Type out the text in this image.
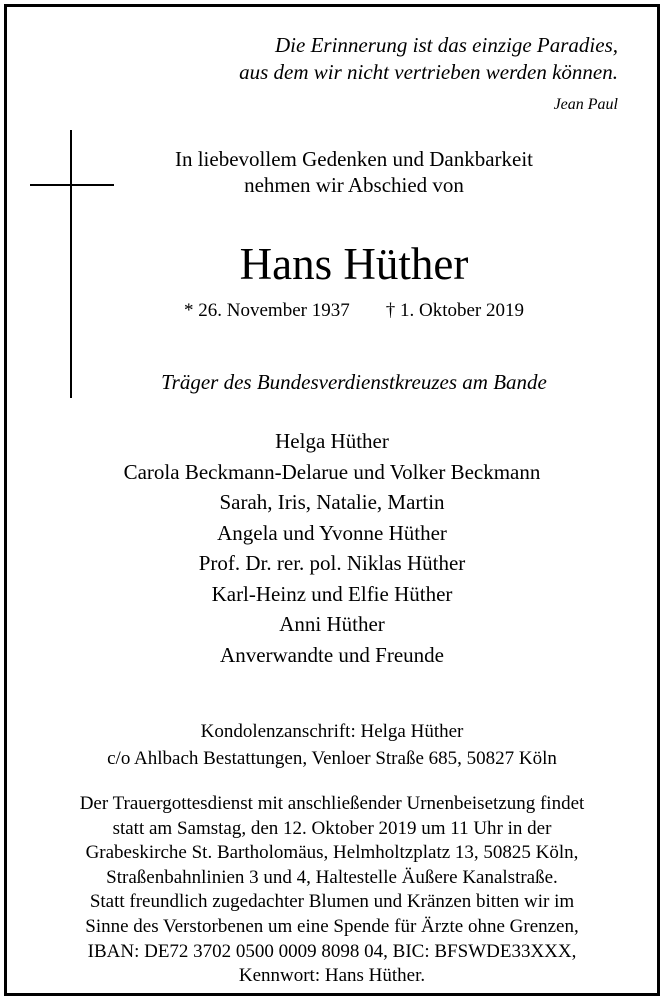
Die Erinnerung ist das einzige Paradies,
aus dem wir nicht vertrieben werden können.
Jean Paul
In liebevollem Gedenken und Dankbarkeit
nehmen wir Abschied von
Hans Hüther
* 26. November 1937 † 1. Oktober 2019
Träger des Bundesverdienstkreuzes am Bande
Helga Hüther
Carola Beckmann-Delarue und Volker Beckmann
Sarah, Iris, Natalie, Martin
Angela und Yvonne Hüther
Prof. Dr. rer. pol. Niklas Hüther
Karl-Heinz und Elfie Hüther
Anni Hüther
Anverwandte und Freunde
Kondolenzanschrift: Helga Hüther
c/o Ahlbach Bestattungen, Venloer Straße 685, 50827 Köln
Der Trauergottesdienst mit anschließender Urnenbeisetzung findet
statt am Samstag, den 12. Oktober 2019 um 11 Uhr in der
Grabeskirche St. Bartholomäus, Helmholtzplatz 13, 50825 Köln,
Straßenbahnlinien 3 und 4, Haltestelle Äußere Kanalstraße.
Statt freundlich zugedachter Blumen und Kränzen bitten wir im
Sinne des Verstorbenen um eine Spende für Ärzte ohne Grenzen,
IBAN: DE72 3702 0500 0009 8098 04, BIC: BFSWDE33XXX,
Kennwort: Hans Hüther.
